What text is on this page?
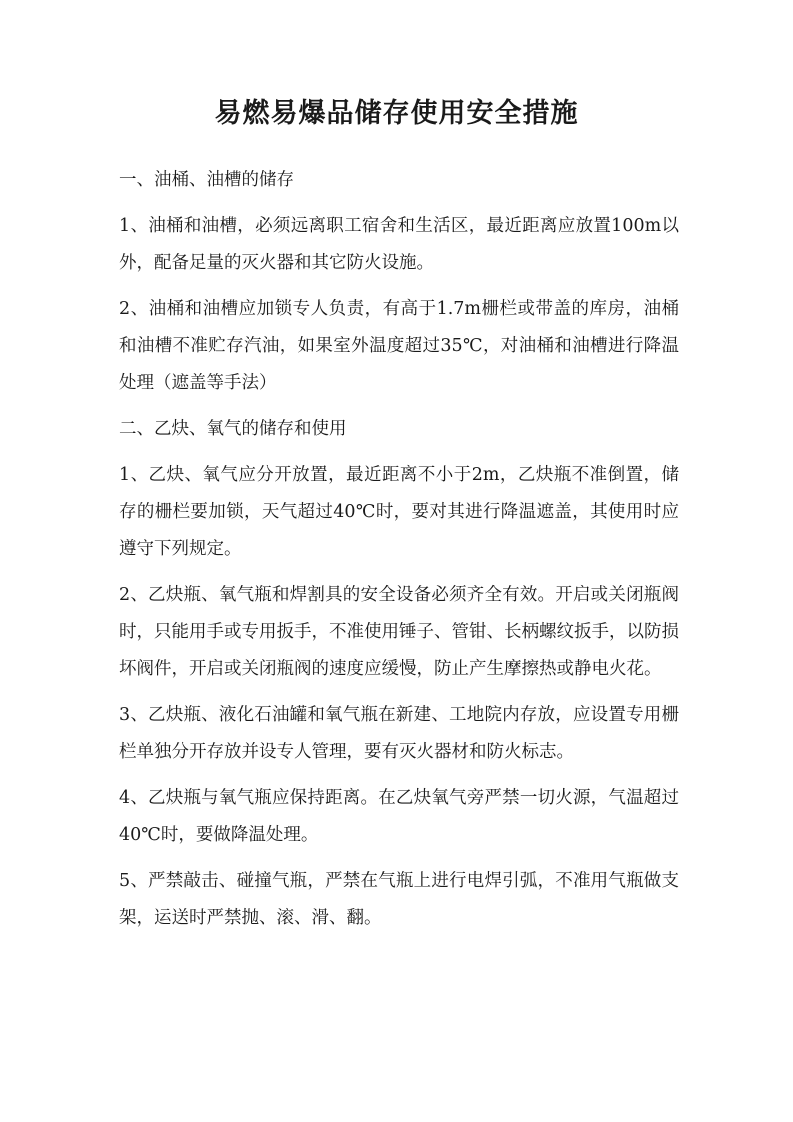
易燃易爆品储存使用安全措施

一、油桶、油槽的储存

1、油桶和油槽，必须远离职工宿舍和生活区，最近距离应放置100m以外，配备足量的灭火器和其它防火设施。

2、油桶和油槽应加锁专人负责，有高于1.7m栅栏或带盖的库房，油桶和油槽不准贮存汽油，如果室外温度超过35℃，对油桶和油槽进行降温处理（遮盖等手法）

二、乙炔、氧气的储存和使用

1、乙炔、氧气应分开放置，最近距离不小于2m，乙炔瓶不准倒置，储存的栅栏要加锁，天气超过40℃时，要对其进行降温遮盖，其使用时应遵守下列规定。

2、乙炔瓶、氧气瓶和焊割具的安全设备必须齐全有效。开启或关闭瓶阀时，只能用手或专用扳手，不准使用锤子、管钳、长柄螺纹扳手，以防损坏阀件，开启或关闭瓶阀的速度应缓慢，防止产生摩擦热或静电火花。

3、乙炔瓶、液化石油罐和氧气瓶在新建、工地院内存放，应设置专用栅栏单独分开存放并设专人管理，要有灭火器材和防火标志。

4、乙炔瓶与氧气瓶应保持距离。在乙炔氧气旁严禁一切火源，气温超过40℃时，要做降温处理。

5、严禁敲击、碰撞气瓶，严禁在气瓶上进行电焊引弧，不准用气瓶做支架，运送时严禁抛、滚、滑、翻。
